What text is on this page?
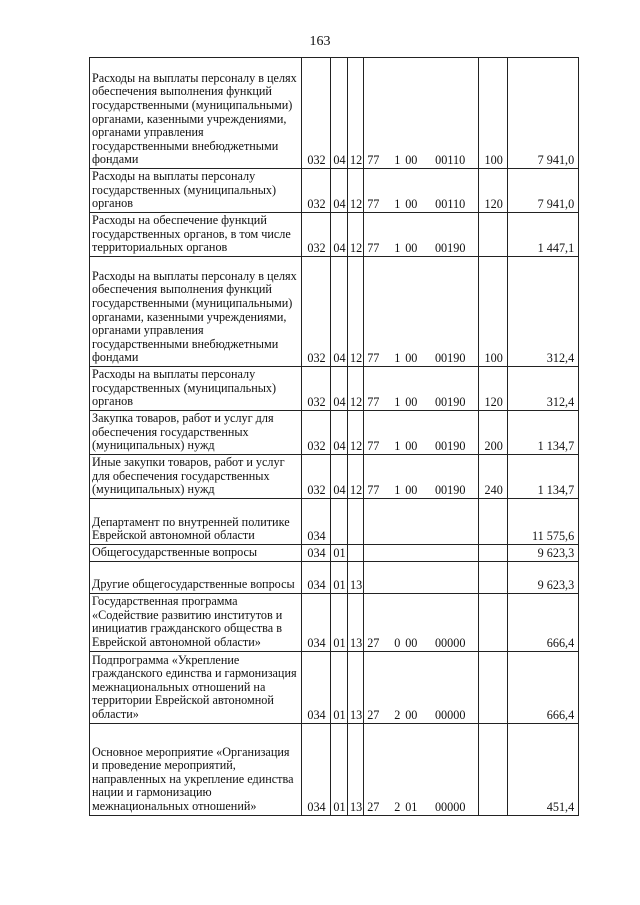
163
Расходы на выплаты персоналу в целях обеспечения выполнения функций государственными (муниципальными) органами, казенными учреждениями, органами управления государственными внебюджетными фондами	032	04	12	77 1 00 00110	100	7 941,0
Расходы на выплаты персоналу государственных (муниципальных) органов	032	04	12	77 1 00 00110	120	7 941,0
Расходы на обеспечение функций государственных органов, в том числе территориальных органов	032	04	12	77 1 00 00190		1 447,1
Расходы на выплаты персоналу в целях обеспечения выполнения функций государственными (муниципальными) органами, казенными учреждениями, органами управления государственными внебюджетными фондами	032	04	12	77 1 00 00190	100	312,4
Расходы на выплаты персоналу государственных (муниципальных) органов	032	04	12	77 1 00 00190	120	312,4
Закупка товаров, работ и услуг для обеспечения государственных (муниципальных) нужд	032	04	12	77 1 00 00190	200	1 134,7
Иные закупки товаров, работ и услуг для обеспечения государственных (муниципальных) нужд	032	04	12	77 1 00 00190	240	1 134,7
Департамент по внутренней политике Еврейской автономной области	034					11 575,6
Общегосударственные вопросы	034	01				9 623,3
Другие общегосударственные вопросы	034	01	13			9 623,3
Государственная программа «Содействие развитию институтов и инициатив гражданского общества в Еврейской автономной области»	034	01	13	27 0 00 00000		666,4
Подпрограмма «Укрепление гражданского единства и гармонизация межнациональных отношений на территории Еврейской автономной области»	034	01	13	27 2 00 00000		666,4
Основное мероприятие «Организация и проведение мероприятий, направленных на укрепление единства нации и гармонизацию межнациональных отношений»	034	01	13	27 2 01 00000		451,4
